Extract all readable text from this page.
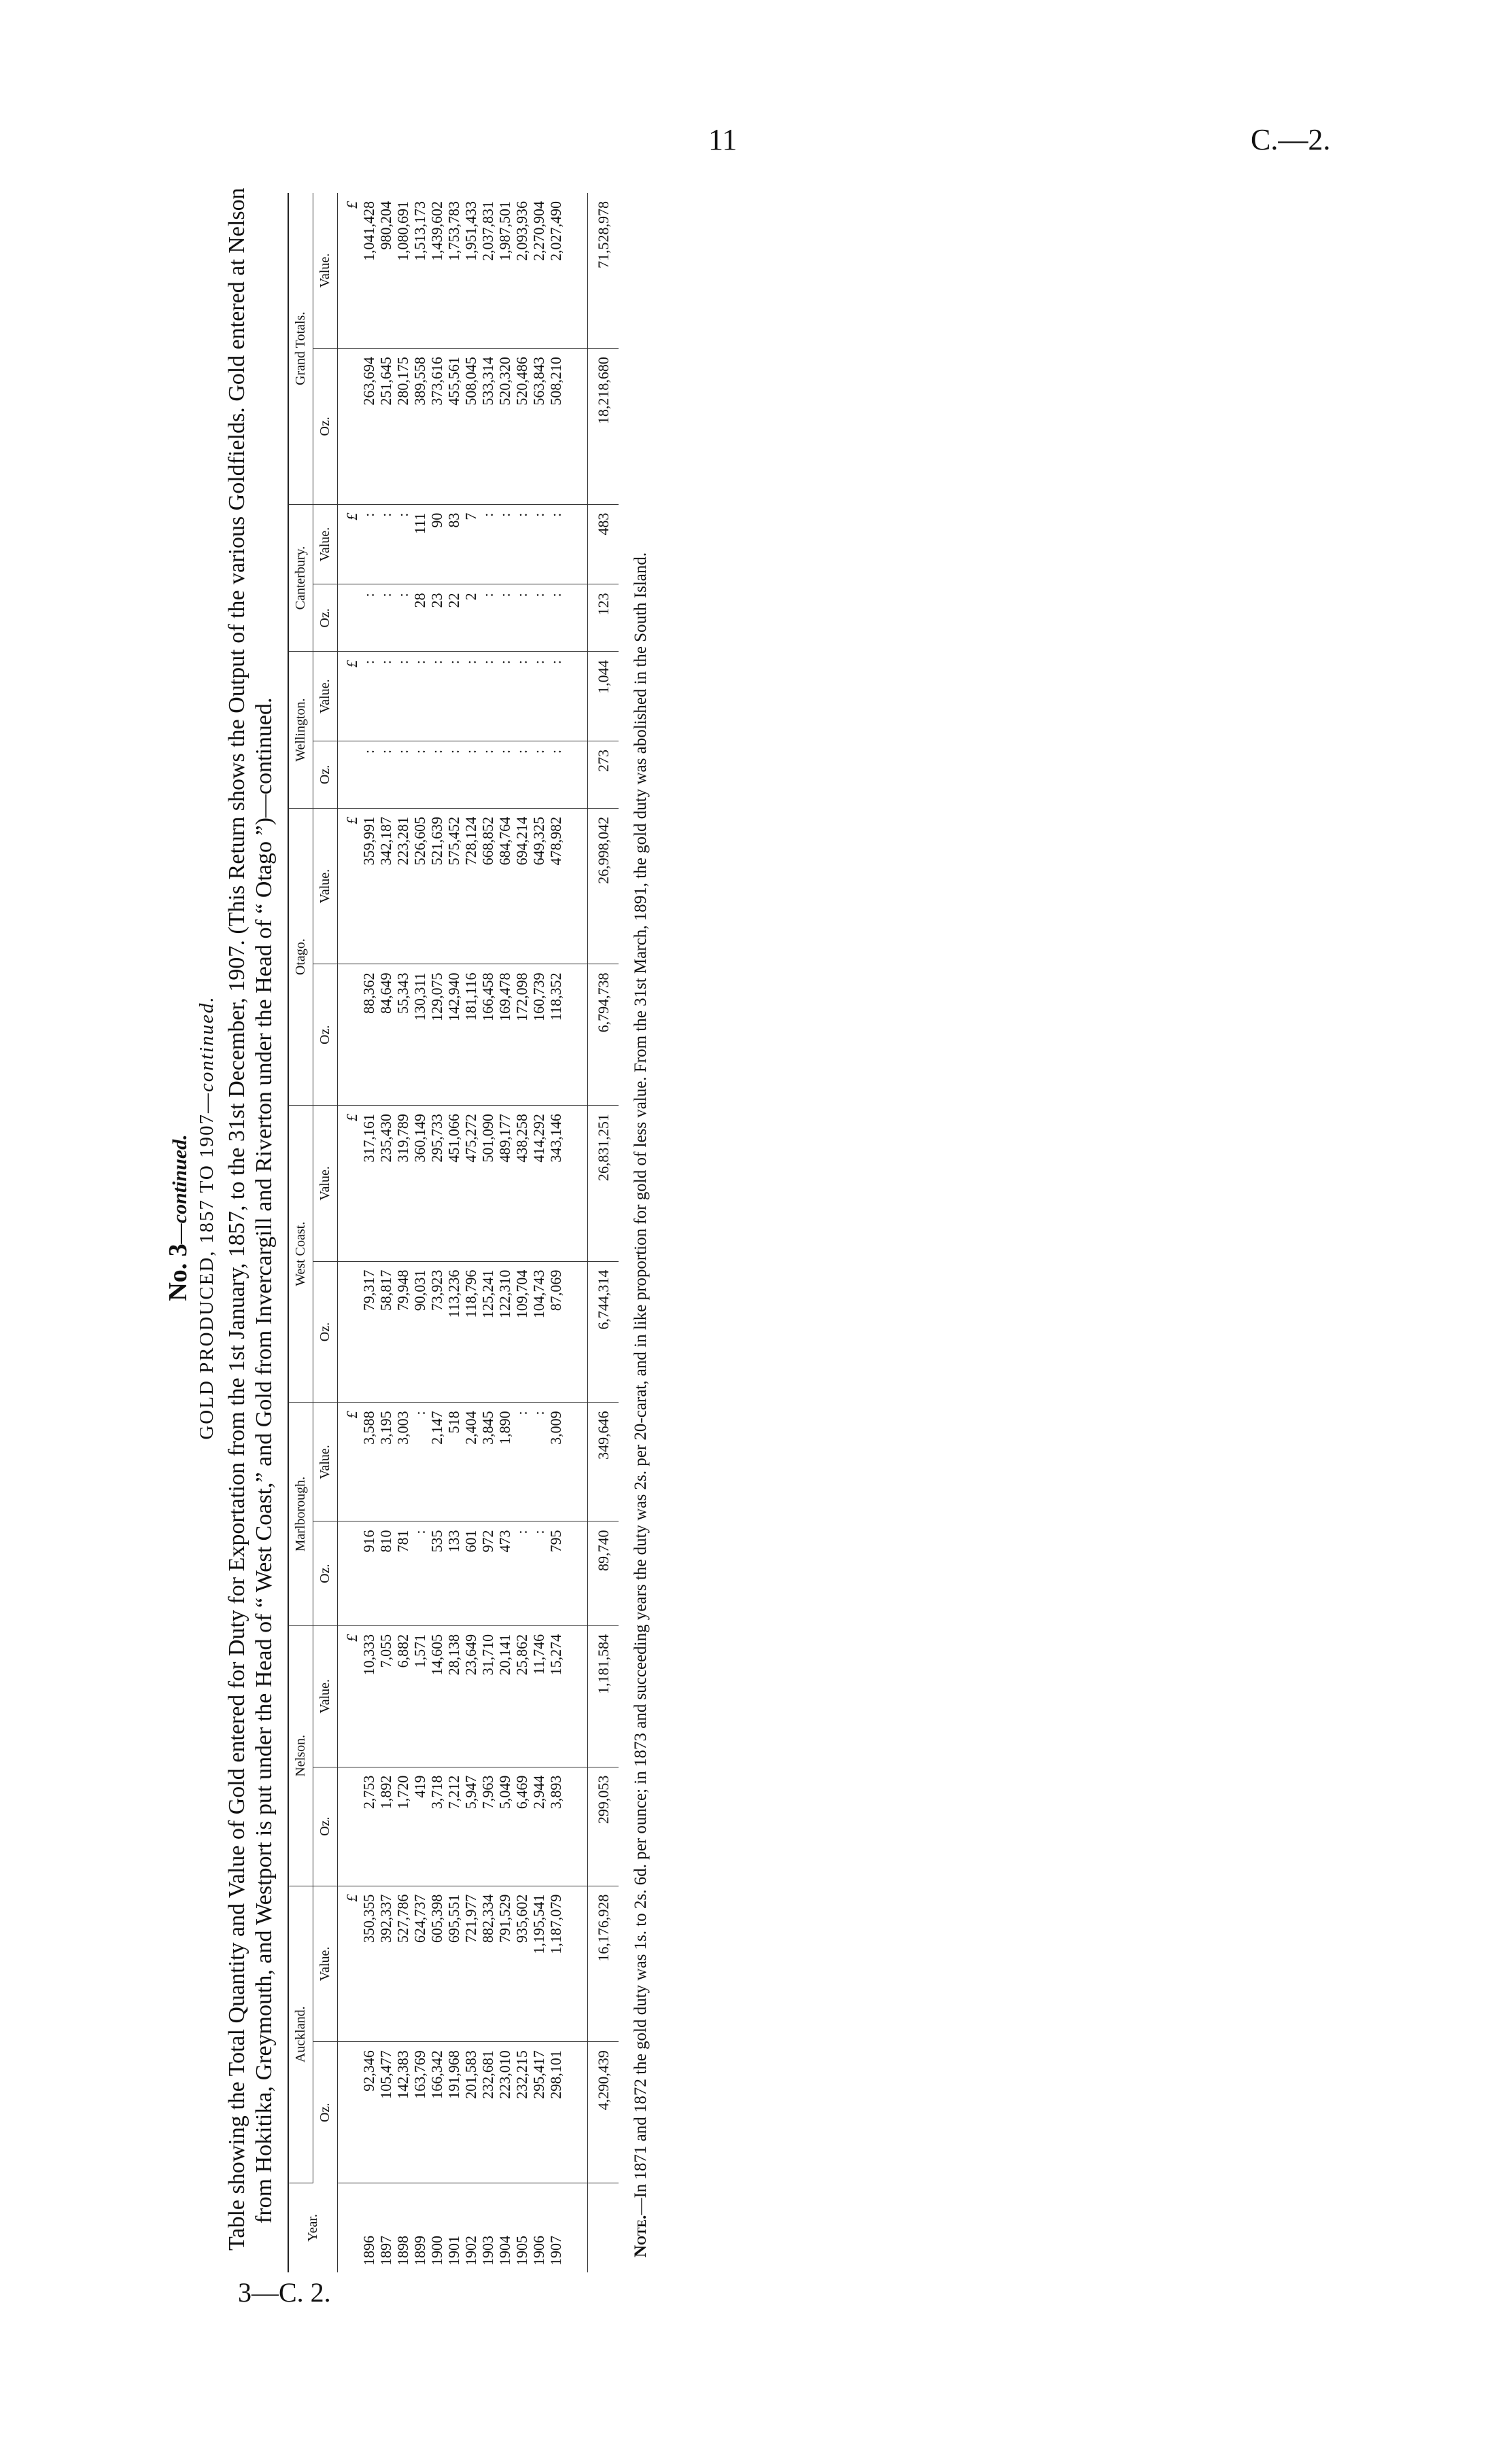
11	C.—2.
No. 3—continued. GOLD PRODUCED, 1857 TO 1907—continued. Table showing the Total Quantity and Value of Gold entered for Duty for Exportation from the 1st January, 1857, to the 31st December, 1907. (This Return shows the Output of the various Goldfields. Gold entered at Nelson from Hokitika, Greymouth, and Westport is put under the Head of “ West Coast,” and Gold from Invercargill and Riverton under the Head of “ Otago ”)—continued.

Year.	Auckland.		Nelson.		Marlborough.		West Coast.		Otago.		Wellington.		Canterbury.		Grand Totals.	
	Oz.	Value.	Oz.	Value.	Oz.	Value.	Oz.	Value.	Oz.	Value.	Oz.	Value.	Oz.	Value.	Oz.	Value.
		£		£		£		£		£		£		£		£
1896	92,346	350,355	2,753	10,333	916	3,588	79,317	317,161	88,362	359,991	:	:	:	:	263,694	1,041,428
1897	105,477	392,337	1,892	7,055	810	3,195	58,817	235,430	84,649	342,187	:	:	:	:	251,645	980,204
1898	142,383	527,786	1,720	6,882	781	3,003	79,948	319,789	55,343	223,281	:	:	:	:	280,175	1,080,691
1899	163,769	624,737	419	1,571	:	:	90,031	360,149	130,311	526,605	:	:	28	111	389,558	1,513,173
1900	166,342	605,398	3,718	14,605	535	2,147	73,923	295,733	129,075	521,639	:	:	23	90	373,616	1,439,602
1901	191,968	695,551	7,212	28,138	133	518	113,236	451,066	142,940	575,452	:	:	22	83	455,561	1,753,783
1902	201,583	721,977	5,947	23,649	601	2,404	118,796	475,272	181,116	728,124	:	:	2	7	508,045	1,951,433
1903	232,681	882,334	7,963	31,710	972	3,845	125,241	501,090	166,458	668,852	:	:	:	:	533,314	2,037,831
1904	223,010	791,529	5,049	20,141	473	1,890	122,310	489,177	169,478	684,764	:	:	:	:	520,320	1,987,501
1905	232,215	935,602	6,469	25,862	:	:	109,704	438,258	172,098	694,214	:	:	:	:	520,486	2,093,936
1906	295,417	1,195,541	2,944	11,746	:	:	104,743	414,292	160,739	649,325	:	:	:	:	563,843	2,270,904
1907	298,101	1,187,079	3,893	15,274	795	3,009	87,069	343,146	118,352	478,982	:	:	:	:	508,210	2,027,490

	4,290,439	16,176,928	299,053	1,181,584	89,740	349,646	6,744,314	26,831,251	6,794,738	26,998,042	273	1,044	123	483	18,218,680	71,528,978

Note.—In 1871 and 1872 the gold duty was 1s. to 2s. 6d. per ounce; in 1873 and succeeding years the duty was 2s. per 20-carat, and in like proportion for gold of less value. From the 31st March, 1891, the gold duty was abolished in the South Island.

3—C. 2.
